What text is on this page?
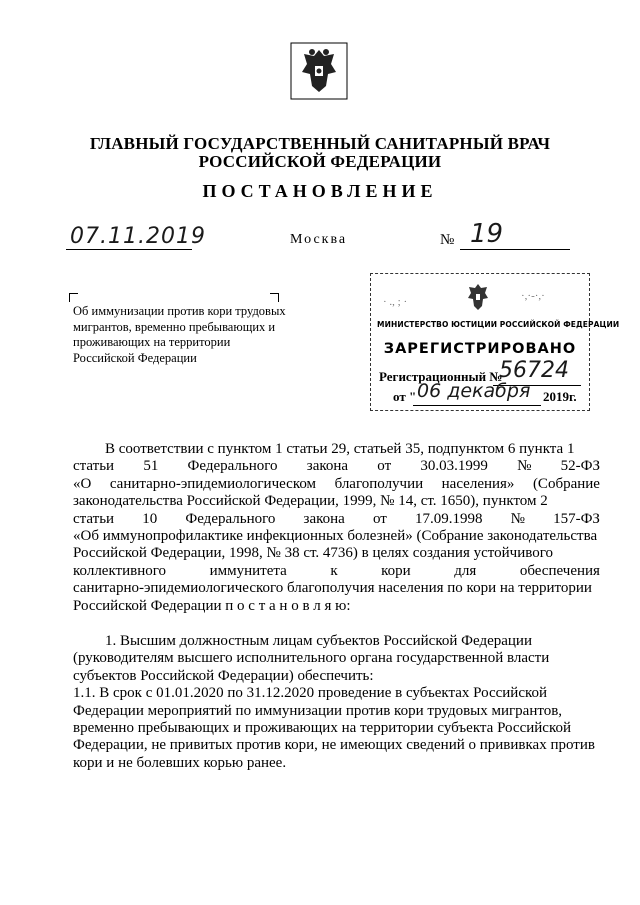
ГЛАВНЫЙ ГОСУДАРСТВЕННЫЙ САНИТАРНЫЙ ВРАЧ
РОССИЙСКОЙ ФЕДЕРАЦИИ
ПОСТАНОВЛЕНИЕ
07.11.2019	Москва	№ 19
Об иммунизации против кори трудовых
мигрантов, временно пребывающих и
проживающих на территории
Российской Федерации
· ., ; ·	·,·-·,·
МИНИСТЕРСТВО ЮСТИЦИИ РОССИЙСКОЙ ФЕДЕРАЦИИ
ЗАРЕГИСТРИРОВАНО
Регистрационный №
56724
от " 06 декабря 2019г.
В соответствии с пунктом 1 статьи 29, статьей 35, подпунктом 6 пункта 1
статьи 51 Федерального закона от 30.03.1999 № 52-ФЗ
«О санитарно-эпидемиологическом благополучии населения» (Собрание
законодательства Российской Федерации, 1999, № 14, ст. 1650), пунктом 2
статьи 10 Федерального закона от 17.09.1998 № 157-ФЗ
«Об иммунопрофилактике инфекционных болезней» (Собрание законодательства
Российской Федерации, 1998, № 38 ст. 4736) в целях создания устойчивого
коллективного	иммунитета	к	кори	для	обеспечения
санитарно-эпидемиологического благополучия населения по кори на территории
Российской Федерации п о с т а н о в л я ю:
1. Высшим должностным лицам субъектов Российской Федерации
(руководителям высшего исполнительного органа государственной власти
субъектов Российской Федерации) обеспечить:
1.1. В срок с 01.01.2020 по 31.12.2020 проведение в субъектах Российской
Федерации мероприятий по иммунизации против кори трудовых мигрантов,
временно пребывающих и проживающих на территории субъекта Российской
Федерации, не привитых против кори, не имеющих сведений о прививках против
кори и не болевших корью ранее.
